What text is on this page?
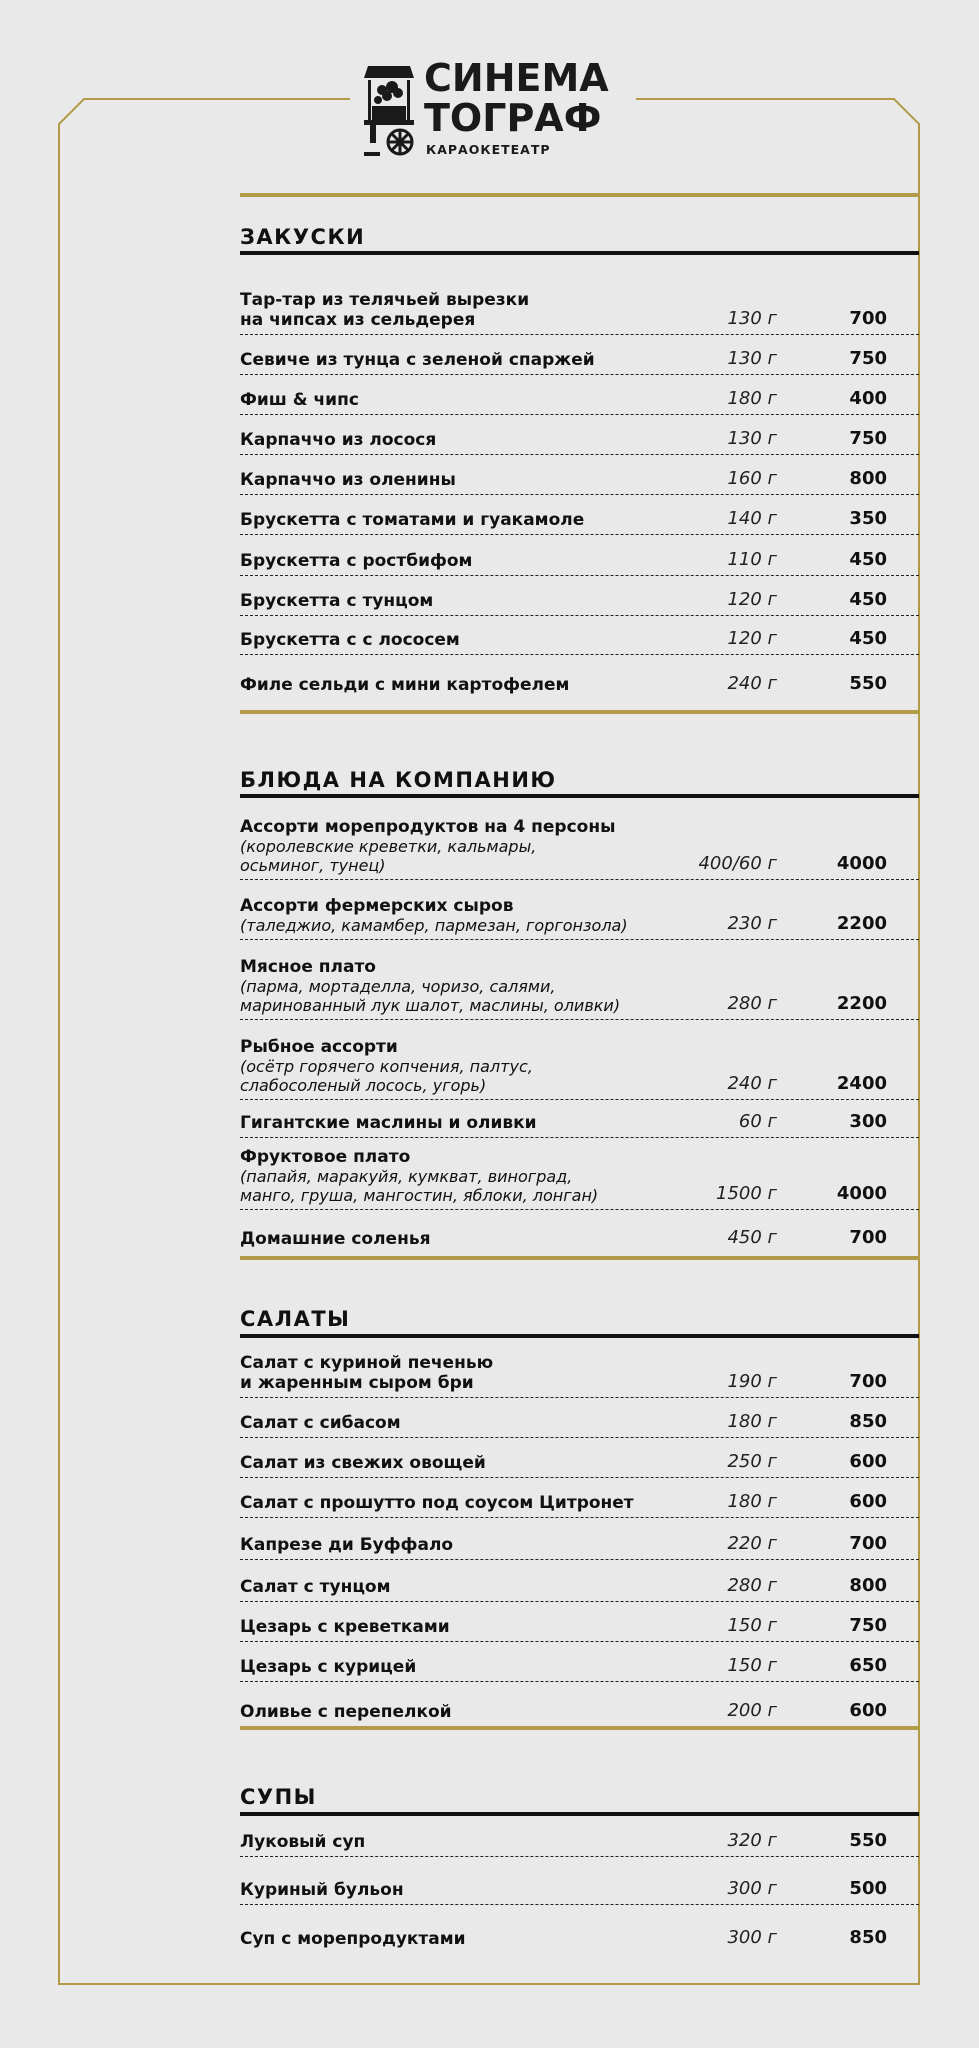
СИНЕМА
ТОГРАФ
КАРАОКЕТЕАТР
ЗАКУСКИ
Тар-тар из телячьей вырезки
на чипсах из сельдерея	130 г	700
Севиче из тунца с зеленой спаржей	130 г	750
Фиш & чипс	180 г	400
Карпаччо из лосося	130 г	750
Карпаччо из оленины	160 г	800
Брускетта с томатами и гуакамоле	140 г	350
Брускетта с ростбифом	110 г	450
Брускетта с тунцом	120 г	450
Брускетта с с лососем	120 г	450
Филе сельди с мини картофелем	240 г	550
БЛЮДА НА КОМПАНИЮ
Ассорти морепродуктов на 4 персоны
(королевские креветки, кальмары,
осьминог, тунец)	400/60 г	4000
Ассорти фермерских сыров
(таледжио, камамбер, пармезан, горгонзола)	230 г	2200
Мясное плато
(парма, мортаделла, чоризо, салями,
маринованный лук шалот, маслины, оливки)	280 г	2200
Рыбное ассорти
(осётр горячего копчения, палтус,
слабосоленый лосось, угорь)	240 г	2400
Гигантские маслины и оливки	60 г	300
Фруктовое плато
(папайя, маракуйя, кумкват, виноград,
манго, груша, мангостин, яблоки, лонган)	1500 г	4000
Домашние соленья	450 г	700
САЛАТЫ
Салат с куриной печенью
и жаренным сыром бри	190 г	700
Салат с сибасом	180 г	850
Салат из свежих овощей	250 г	600
Салат с прошутто под соусом Цитронет	180 г	600
Капрезе ди Буффало	220 г	700
Салат с тунцом	280 г	800
Цезарь с креветками	150 г	750
Цезарь с курицей	150 г	650
Оливье с перепелкой	200 г	600
СУПЫ
Луковый суп	320 г	550
Куриный бульон	300 г	500
Суп с морепродуктами	300 г	850
